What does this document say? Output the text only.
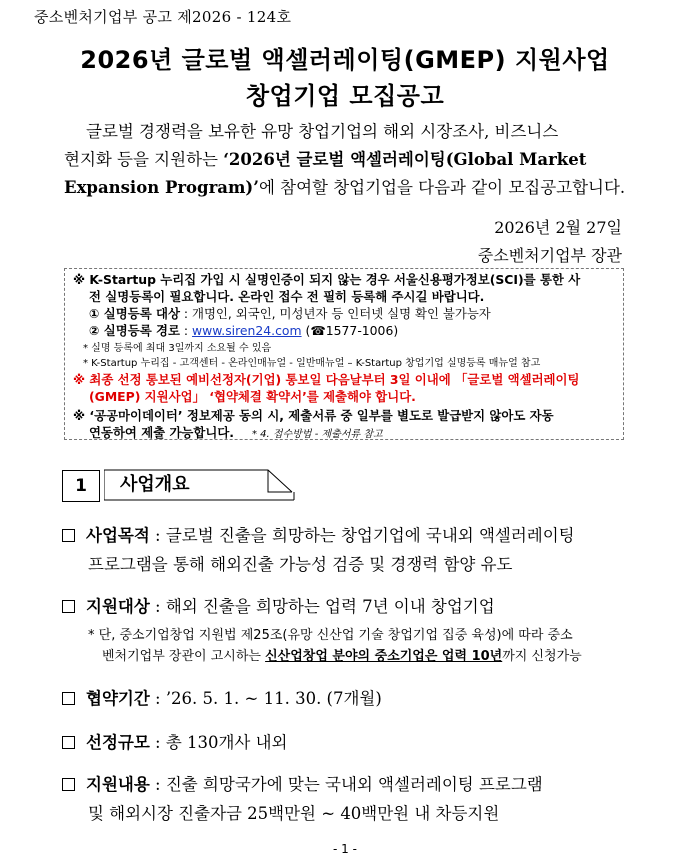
중소벤처기업부 공고 제2026 - 124호
2026년 글로벌 액셀러레이팅(GMEP) 지원사업
창업기업 모집공고
글로벌 경쟁력을 보유한 유망 창업기업의 해외 시장조사, 비즈니스
현지화 등을 지원하는 ‘2026년 글로벌 액셀러레이팅(Global Market
Expansion Program)’에 참여할 창업기업을 다음과 같이 모집공고합니다.
2026년 2월 27일
중소벤처기업부 장관
※ K-Startup 누리집 가입 시 실명인증이 되지 않는 경우 서울신용평가정보(SCI)를 통한 사
전 실명등록이 필요합니다. 온라인 접수 전 필히 등록해 주시길 바랍니다.
① 실명등록 대상 : 개명인, 외국인, 미성년자 등 인터넷 실명 확인 불가능자
② 실명등록 경로 : www.siren24.com (☎1577-1006)
* 실명 등록에 최대 3일까지 소요될 수 있음
* K-Startup 누리집 - 고객센터 - 온라인매뉴얼 - 일반매뉴얼 – K-Startup 창업기업 실명등록 매뉴얼 참고
※ 최종 선정 통보된 예비선정자(기업) 통보일 다음날부터 3일 이내에 「글로벌 액셀러레이팅
(GMEP) 지원사업」 ‘협약체결 확약서’를 제출해야 합니다.
※ ‘공공마이데이터’ 정보제공 동의 시, 제출서류 중 일부를 별도로 발급받지 않아도 자동
연동하여 제출 가능합니다. * 4. 접수방법 - 제출서류 참고
1	사업개요
사업목적 : 글로벌 진출을 희망하는 창업기업에 국내외 액셀러레이팅
프로그램을 통해 해외진출 가능성 검증 및 경쟁력 함양 유도
지원대상 : 해외 진출을 희망하는 업력 7년 이내 창업기업
* 단, 중소기업창업 지원법 제25조(유망 신산업 기술 창업기업 집중 육성)에 따라 중소
벤처기업부 장관이 고시하는 신산업창업 분야의 중소기업은 업력 10년까지 신청가능
협약기간 : ’26. 5. 1. ~ 11. 30. (7개월)
선정규모 : 총 130개사 내외
지원내용 : 진출 희망국가에 맞는 국내외 액셀러레이팅 프로그램
및 해외시장 진출자금 25백만원 ~ 40백만원 내 차등지원
- 1 -
